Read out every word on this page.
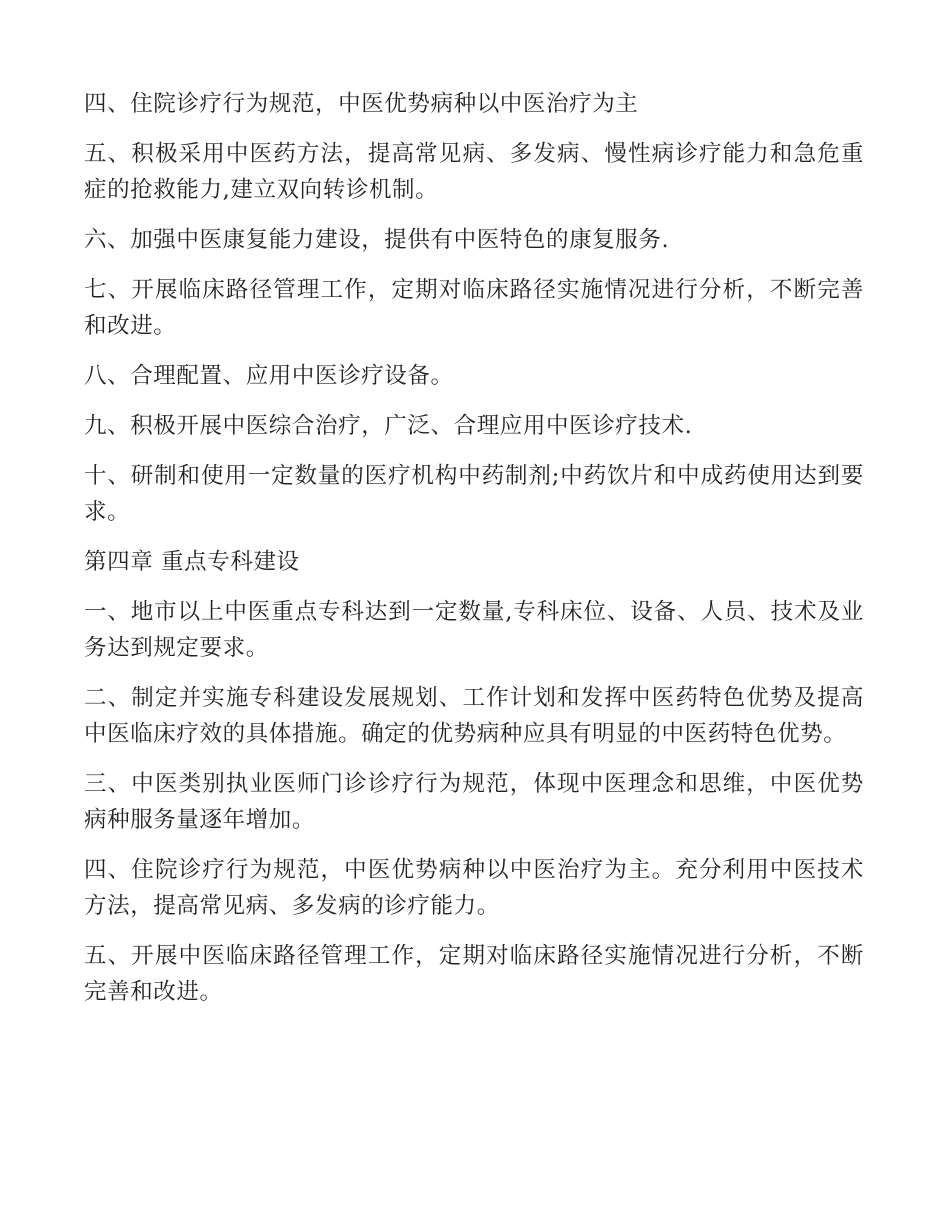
四、住院诊疗行为规范，中医优势病种以中医治疗为主

五、积极采用中医药方法，提高常见病、多发病、慢性病诊疗能力和急危重症的抢救能力,建立双向转诊机制。

六、加强中医康复能力建设，提供有中医特色的康复服务.

七、开展临床路径管理工作，定期对临床路径实施情况进行分析，不断完善和改进。

八、合理配置、应用中医诊疗设备。

九、积极开展中医综合治疗，广泛、合理应用中医诊疗技术.

十、研制和使用一定数量的医疗机构中药制剂;中药饮片和中成药使用达到要求。

第四章 重点专科建设

一、地市以上中医重点专科达到一定数量,专科床位、设备、人员、技术及业务达到规定要求。

二、制定并实施专科建设发展规划、工作计划和发挥中医药特色优势及提高中医临床疗效的具体措施。确定的优势病种应具有明显的中医药特色优势。

三、中医类别执业医师门诊诊疗行为规范，体现中医理念和思维，中医优势病种服务量逐年增加。

四、住院诊疗行为规范，中医优势病种以中医治疗为主。充分利用中医技术方法，提高常见病、多发病的诊疗能力。

五、开展中医临床路径管理工作，定期对临床路径实施情况进行分析，不断完善和改进。
